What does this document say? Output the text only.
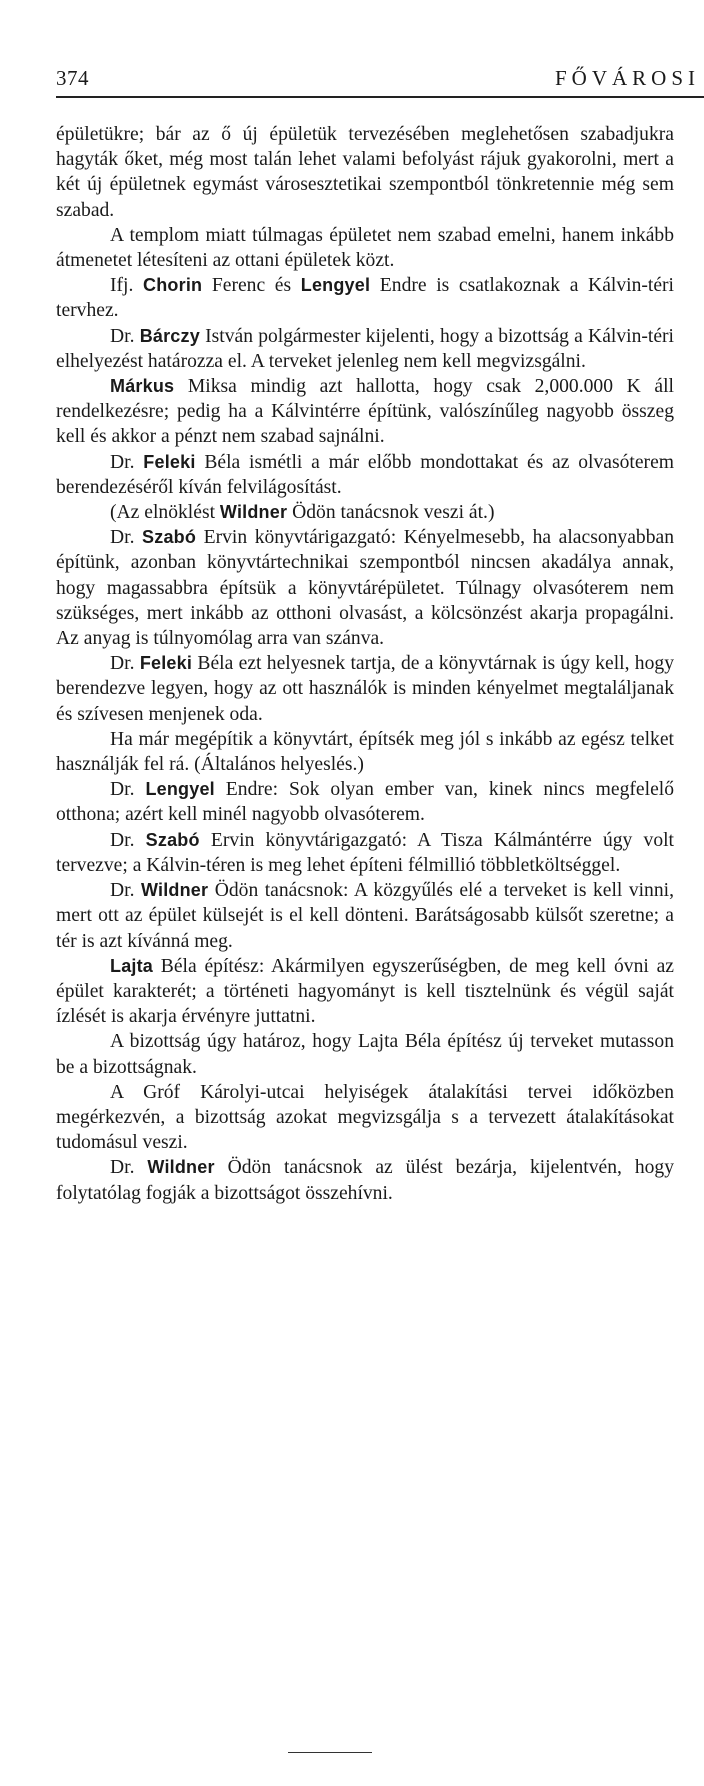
374	FŐVÁROSI

épületükre; bár az ő új épületük tervezésében meglehetősen szabadjukra hagyták őket, még most talán lehet valami befolyást rájuk gyakorolni, mert a két új épületnek egymást városesztetikai szempontból tönkretennie még sem szabad.

A templom miatt túlmagas épületet nem szabad emelni, hanem inkább átmenetet létesíteni az ottani épületek közt.

Ifj. Chorin Ferenc és Lengyel Endre is csatlakoznak a Kálvin-téri tervhez.

Dr. Bárczy István polgármester kijelenti, hogy a bizottság a Kálvin-téri elhelyezést határozza el. A terveket jelenleg nem kell megvizsgálni.

Márkus Miksa mindig azt hallotta, hogy csak 2,000.000 K áll rendelkezésre; pedig ha a Kálvintérre építünk, valószínűleg nagyobb összeg kell és akkor a pénzt nem szabad sajnálni.

Dr. Feleki Béla ismétli a már előbb mondottakat és az olvasóterem berendezéséről kíván felvilágosítást.

(Az elnöklést Wildner Ödön tanácsnok veszi át.)

Dr. Szabó Ervin könyvtárigazgató: Kényelmesebb, ha alacsonyabban építünk, azonban könyvtártechnikai szempontból nincsen akadálya annak, hogy magassabbra építsük a könyvtárépületet. Túlnagy olvasóterem nem szükséges, mert inkább az otthoni olvasást, a kölcsönzést akarja propagálni. Az anyag is túlnyomólag arra van szánva.

Dr. Feleki Béla ezt helyesnek tartja, de a könyvtárnak is úgy kell, hogy berendezve legyen, hogy az ott használók is minden kényelmet megtaláljanak és szívesen menjenek oda.

Ha már megépítik a könyvtárt, építsék meg jól s inkább az egész telket használják fel rá. (Általános helyeslés.)

Dr. Lengyel Endre: Sok olyan ember van, kinek nincs megfelelő otthona; azért kell minél nagyobb olvasóterem.

Dr. Szabó Ervin könyvtárigazgató: A Tisza Kálmántérre úgy volt tervezve; a Kálvin-téren is meg lehet építeni félmillió többletköltséggel.

Dr. Wildner Ödön tanácsnok: A közgyűlés elé a terveket is kell vinni, mert ott az épület külsejét is el kell dönteni. Barátságosabb külsőt szeretne; a tér is azt kívánná meg.

Lajta Béla építész: Akármilyen egyszerűségben, de meg kell óvni az épület karakterét; a történeti hagyományt is kell tisztelnünk és végül saját ízlését is akarja érvényre juttatni.

A bizottság úgy határoz, hogy Lajta Béla építész új terveket mutasson be a bizottságnak.

A Gróf Károlyi-utcai helyiségek átalakítási tervei időközben megérkezvén, a bizottság azokat megvizsgálja s a tervezett átalakításokat tudomásul veszi.

Dr. Wildner Ödön tanácsnok az ülést bezárja, kijelentvén, hogy folytatólag fogják a bizottságot összehívni.
